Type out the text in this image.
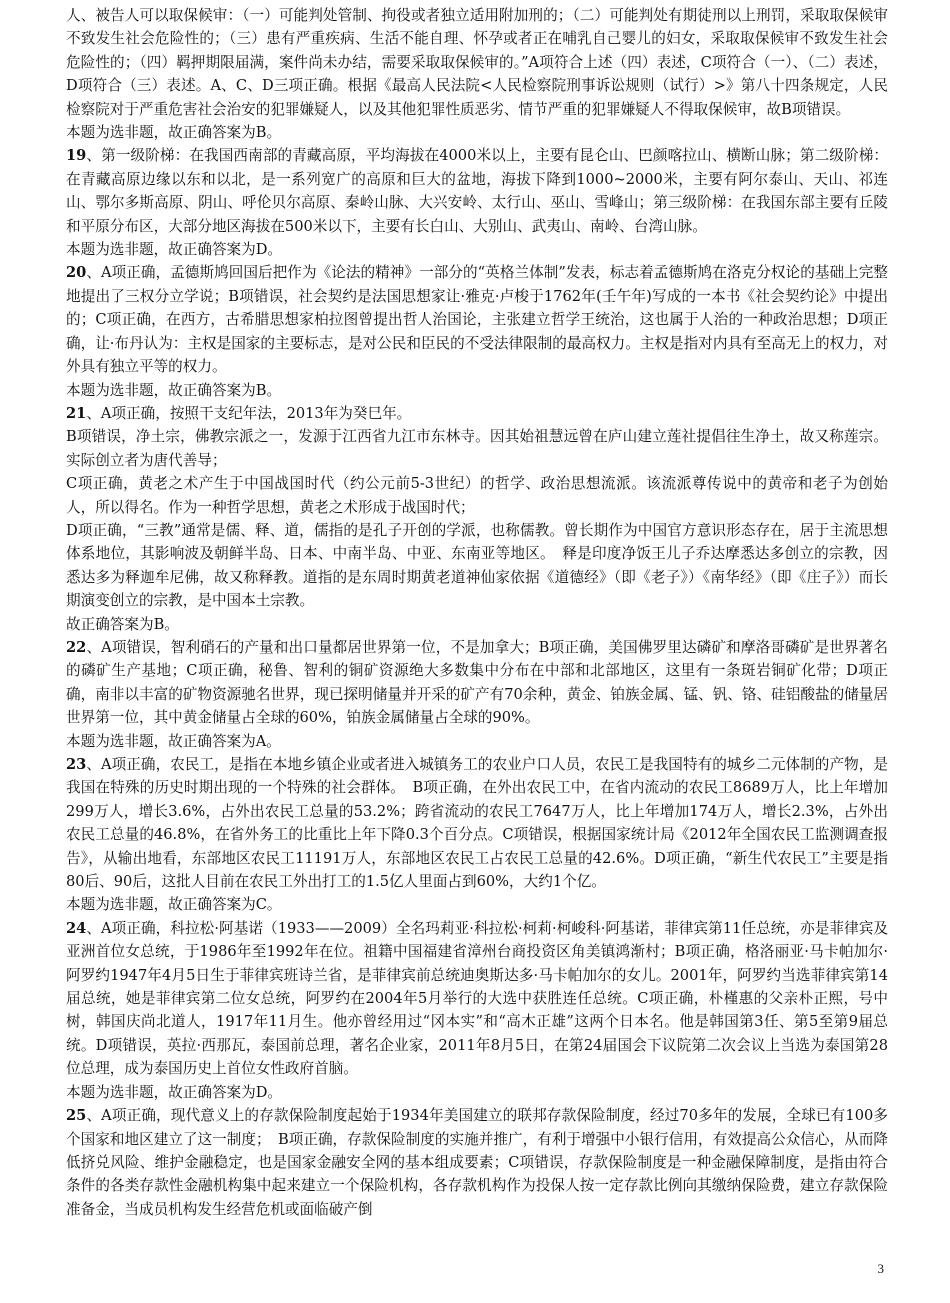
人、被告人可以取保候审：（一）可能判处管制、拘役或者独立适用附加刑的；（二）可能判处有期徒刑以上刑罚，采取取保候审不致发生社会危险性的；（三）患有严重疾病、生活不能自理、怀孕或者正在哺乳自己婴儿的妇女，采取取保候审不致发生社会危险性的；（四）羁押期限届满，案件尚未办结，需要采取取保候审的。”A项符合上述（四）表述，C项符合（一）、（二）表述，D项符合（三）表述。A、C、D三项正确。根据《最高人民法院<人民检察院刑事诉讼规则（试行）>》第八十四条规定，人民检察院对于严重危害社会治安的犯罪嫌疑人，以及其他犯罪性质恶劣、情节严重的犯罪嫌疑人不得取保候审，故B项错误。

本题为选非题，故正确答案为B。

19、第一级阶梯：在我国西南部的青藏高原，平均海拔在4000米以上，主要有昆仑山、巴颜喀拉山、横断山脉；第二级阶梯：在青藏高原边缘以东和以北，是一系列宽广的高原和巨大的盆地，海拔下降到1000~2000米，主要有阿尔泰山、天山、祁连山、鄂尔多斯高原、阴山、呼伦贝尔高原、秦岭山脉、大兴安岭、太行山、巫山、雪峰山；第三级阶梯：在我国东部主要有丘陵和平原分布区，大部分地区海拔在500米以下，主要有长白山、大别山、武夷山、南岭、台湾山脉。

本题为选非题，故正确答案为D。

20、A项正确，孟德斯鸠回国后把作为《论法的精神》一部分的“英格兰体制”发表，标志着孟德斯鸠在洛克分权论的基础上完整地提出了三权分立学说；B项错误，社会契约是法国思想家让·雅克·卢梭于1762年(壬午年)写成的一本书《社会契约论》中提出的；C项正确，在西方，古希腊思想家柏拉图曾提出哲人治国论，主张建立哲学王统治，这也属于人治的一种政治思想；D项正确，让·布丹认为：主权是国家的主要标志，是对公民和臣民的不受法律限制的最高权力。主权是指对内具有至高无上的权力，对外具有独立平等的权力。

本题为选非题，故正确答案为B。

21、A项正确，按照干支纪年法，2013年为癸巳年。

B项错误，净土宗，佛教宗派之一，发源于江西省九江市东林寺。因其始祖慧远曾在庐山建立莲社提倡往生净土，故又称莲宗。实际创立者为唐代善导；

C项正确，黄老之术产生于中国战国时代（约公元前5-3世纪）的哲学、政治思想流派。该流派尊传说中的黄帝和老子为创始人，所以得名。作为一种哲学思想，黄老之术形成于战国时代；

D项正确，“三教”通常是儒、释、道，儒指的是孔子开创的学派，也称儒教。曾长期作为中国官方意识形态存在，居于主流思想体系地位，其影响波及朝鲜半岛、日本、中南半岛、中亚、东南亚等地区。　释是印度净饭王儿子乔达摩悉达多创立的宗教，因悉达多为释迦牟尼佛，故又称释教。道指的是东周时期黄老道神仙家依据《道德经》（即《老子》）《南华经》（即《庄子》）而长期演变创立的宗教，是中国本土宗教。

故正确答案为B。

22、A项错误，智利硝石的产量和出口量都居世界第一位，不是加拿大；B项正确，美国佛罗里达磷矿和摩洛哥磷矿是世界著名的磷矿生产基地；C项正确，秘鲁、智利的铜矿资源绝大多数集中分布在中部和北部地区，这里有一条斑岩铜矿化带；D项正确，南非以丰富的矿物资源驰名世界，现已探明储量并开采的矿产有70余种，黄金、铂族金属、锰、钒、铬、硅铝酸盐的储量居世界第一位，其中黄金储量占全球的60%，铂族金属储量占全球的90%。

本题为选非题，故正确答案为A。

23、A项正确，农民工，是指在本地乡镇企业或者进入城镇务工的农业户口人员，农民工是我国特有的城乡二元体制的产物，是我国在特殊的历史时期出现的一个特殊的社会群体。　B项正确，在外出农民工中，在省内流动的农民工8689万人，比上年增加299万人，增长3.6%，占外出农民工总量的53.2%；跨省流动的农民工7647万人，比上年增加174万人，增长2.3%，占外出农民工总量的46.8%，在省外务工的比重比上年下降0.3个百分点。C项错误，根据国家统计局《2012年全国农民工监测调查报告》，从输出地看，东部地区农民工11191万人，东部地区农民工占农民工总量的42.6%。D项正确，“新生代农民工”主要是指80后、90后，这批人目前在农民工外出打工的1.5亿人里面占到60%，大约1个亿。

本题为选非题，故正确答案为C。

24、A项正确，科拉松·阿基诺（1933——2009）全名玛莉亚·科拉松·柯莉·柯峻科·阿基诺，菲律宾第11任总统，亦是菲律宾及亚洲首位女总统，于1986年至1992年在位。祖籍中国福建省漳州台商投资区角美镇鸿渐村；B项正确，格洛丽亚·马卡帕加尔·阿罗约1947年4月5日生于菲律宾班诗兰省，是菲律宾前总统迪奥斯达多·马卡帕加尔的女儿。2001年，阿罗约当选菲律宾第14届总统，她是菲律宾第二位女总统，阿罗约在2004年5月举行的大选中获胜连任总统。C项正确，朴槿惠的父亲朴正熙，号中树，韩国庆尚北道人，1917年11月生。他亦曾经用过“冈本实”和“高木正雄”这两个日本名。他是韩国第3任、第5至第9届总统。D项错误，英拉·西那瓦，泰国前总理，著名企业家，2011年8月5日，在第24届国会下议院第二次会议上当选为泰国第28位总理，成为泰国历史上首位女性政府首脑。

本题为选非题，故正确答案为D。

25、A项正确，现代意义上的存款保险制度起始于1934年美国建立的联邦存款保险制度，经过70多年的发展，全球已有100多个国家和地区建立了这一制度；　B项正确，存款保险制度的实施并推广，有利于增强中小银行信用，有效提高公众信心，从而降低挤兑风险、维护金融稳定，也是国家金融安全网的基本组成要素；C项错误，存款保险制度是一种金融保障制度，是指由符合条件的各类存款性金融机构集中起来建立一个保险机构，各存款机构作为投保人按一定存款比例向其缴纳保险费，建立存款保险准备金，当成员机构发生经营危机或面临破产倒

3
